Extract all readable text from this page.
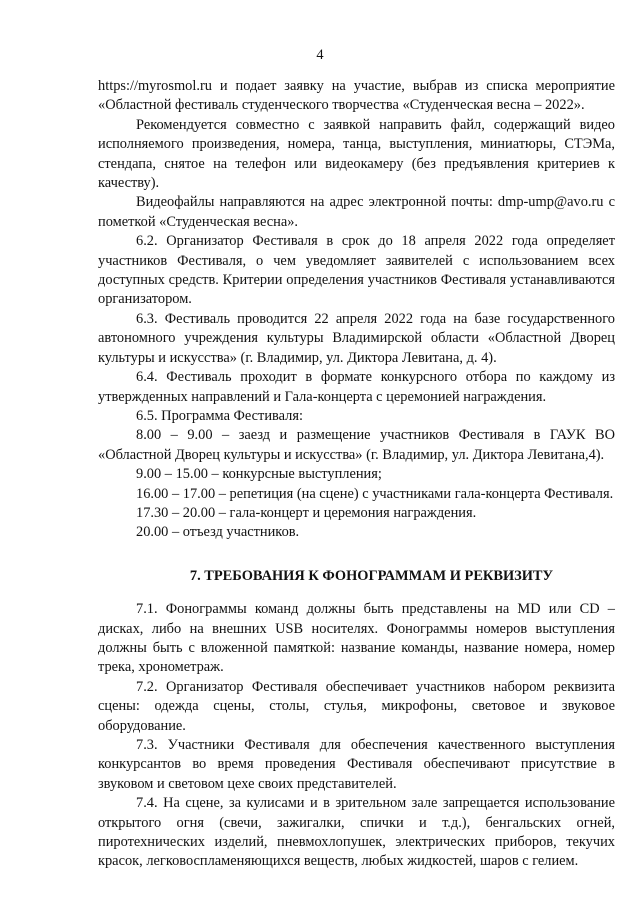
4

https://myrosmol.ru и подает заявку на участие, выбрав из списка мероприятие «Областной фестиваль студенческого творчества «Студенческая весна – 2022».

Рекомендуется совместно с заявкой направить файл, содержащий видео исполняемого произведения, номера, танца, выступления, миниатюры, СТЭМа, стендапа, снятое на телефон или видеокамеру (без предъявления критериев к качеству).

Видеофайлы направляются на адрес электронной почты: dmp-ump@avo.ru с пометкой «Студенческая весна».

6.2. Организатор Фестиваля в срок до 18 апреля 2022 года определяет участников Фестиваля, о чем уведомляет заявителей с использованием всех доступных средств. Критерии определения участников Фестиваля устанавливаются организатором.

6.3. Фестиваль проводится 22 апреля 2022 года на базе государственного автономного учреждения культуры Владимирской области «Областной Дворец культуры и искусства» (г. Владимир, ул. Диктора Левитана, д. 4).

6.4. Фестиваль проходит в формате конкурсного отбора по каждому из утвержденных направлений и Гала-концерта с церемонией награждения.

6.5. Программа Фестиваля:

8.00 – 9.00 – заезд и размещение участников Фестиваля в ГАУК ВО «Областной Дворец культуры и искусства» (г. Владимир, ул. Диктора Левитана,4).

9.00 – 15.00 – конкурсные выступления;

16.00 – 17.00 – репетиция (на сцене) с участниками гала-концерта Фестиваля.

17.30 – 20.00 – гала-концерт и церемония награждения.

20.00 – отъезд участников.

7. ТРЕБОВАНИЯ К ФОНОГРАММАМ И РЕКВИЗИТУ

7.1. Фонограммы команд должны быть представлены на MD или CD – дисках, либо на внешних USB носителях. Фонограммы номеров выступления должны быть с вложенной памяткой: название команды, название номера, номер трека, хронометраж.

7.2. Организатор Фестиваля обеспечивает участников набором реквизита сцены: одежда сцены, столы, стулья, микрофоны, световое и звуковое оборудование.

7.3. Участники Фестиваля для обеспечения качественного выступления конкурсантов во время проведения Фестиваля обеспечивают присутствие в звуковом и световом цехе своих представителей.

7.4. На сцене, за кулисами и в зрительном зале запрещается использование открытого огня (свечи, зажигалки, спички и т.д.), бенгальских огней, пиротехнических изделий, пневмохлопушек, электрических приборов, текучих красок, легковоспламеняющихся веществ, любых жидкостей, шаров с гелием.
